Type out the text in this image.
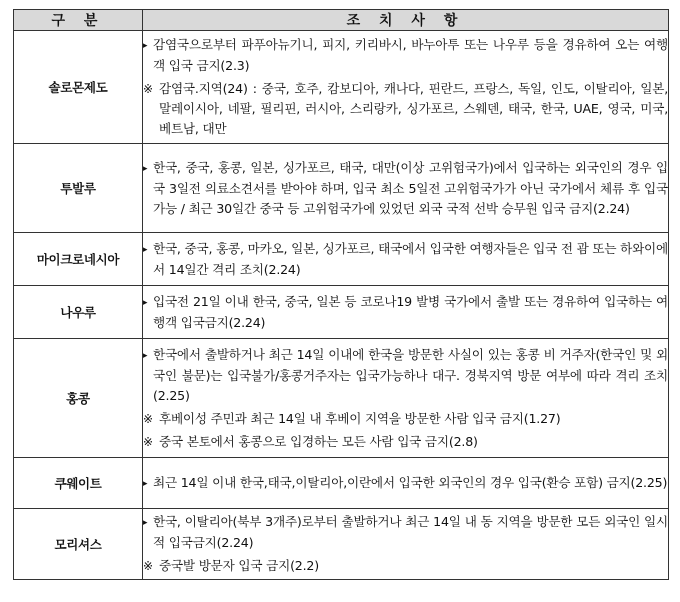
구 분	조 치 사 항
솔로몬제도	▸ 감염국으로부터 파푸아뉴기니, 피지, 키리바시, 바누아투 또는 나우루 등을 경유하여 오는 여행객 입국 금지(2.3)

※ 감염국.지역(24) : 중국, 호주, 캄보디아, 캐나다, 핀란드, 프랑스, 독일, 인도, 이탈리아, 일본, 말레이시아, 네팔, 필리핀, 러시아, 스리랑카, 싱가포르, 스웨덴, 태국, 한국, UAE, 영국, 미국, 베트남, 대만

투발루	▸ 한국, 중국, 홍콩, 일본, 싱가포르, 태국, 대만(이상 고위험국가)에서 입국하는 외국인의 경우 입국 3일전 의료소견서를 받아야 하며, 입국 최소 5일전 고위험국가가 아닌 국가에서 체류 후 입국 가능 / 최근 30일간 중국 등 고위험국가에 있었던 외국 국적 선박 승무원 입국 금지(2.24)

마이크로네시아	▸ 한국, 중국, 홍콩, 마카오, 일본, 싱가포르, 태국에서 입국한 여행자들은 입국 전 괌 또는 하와이에서 14일간 격리 조치(2.24)

나우루	▸ 입국전 21일 이내 한국, 중국, 일본 등 코로나19 발병 국가에서 출발 또는 경유하여 입국하는 여행객 입국금지(2.24)

홍콩	▸ 한국에서 출발하거나 최근 14일 이내에 한국을 방문한 사실이 있는 홍콩 비 거주자(한국인 및 외국인 불문)는 입국불가/홍콩거주자는 입국가능하나 대구. 경북지역 방문 여부에 따라 격리 조치(2.25)

※ 후베이성 주민과 최근 14일 내 후베이 지역을 방문한 사람 입국 금지(1.27)

※ 중국 본토에서 홍콩으로 입경하는 모든 사람 입국 금지(2.8)

쿠웨이트	▸ 최근 14일 이내 한국,태국,이탈리아,이란에서 입국한 외국인의 경우 입국(환승 포함) 금지(2.25)

모리셔스	▸ 한국, 이탈리아(북부 3개주)로부터 출발하거나 최근 14일 내 동 지역을 방문한 모든 외국인 일시적 입국금지(2.24)

※ 중국발 방문자 입국 금지(2.2)
